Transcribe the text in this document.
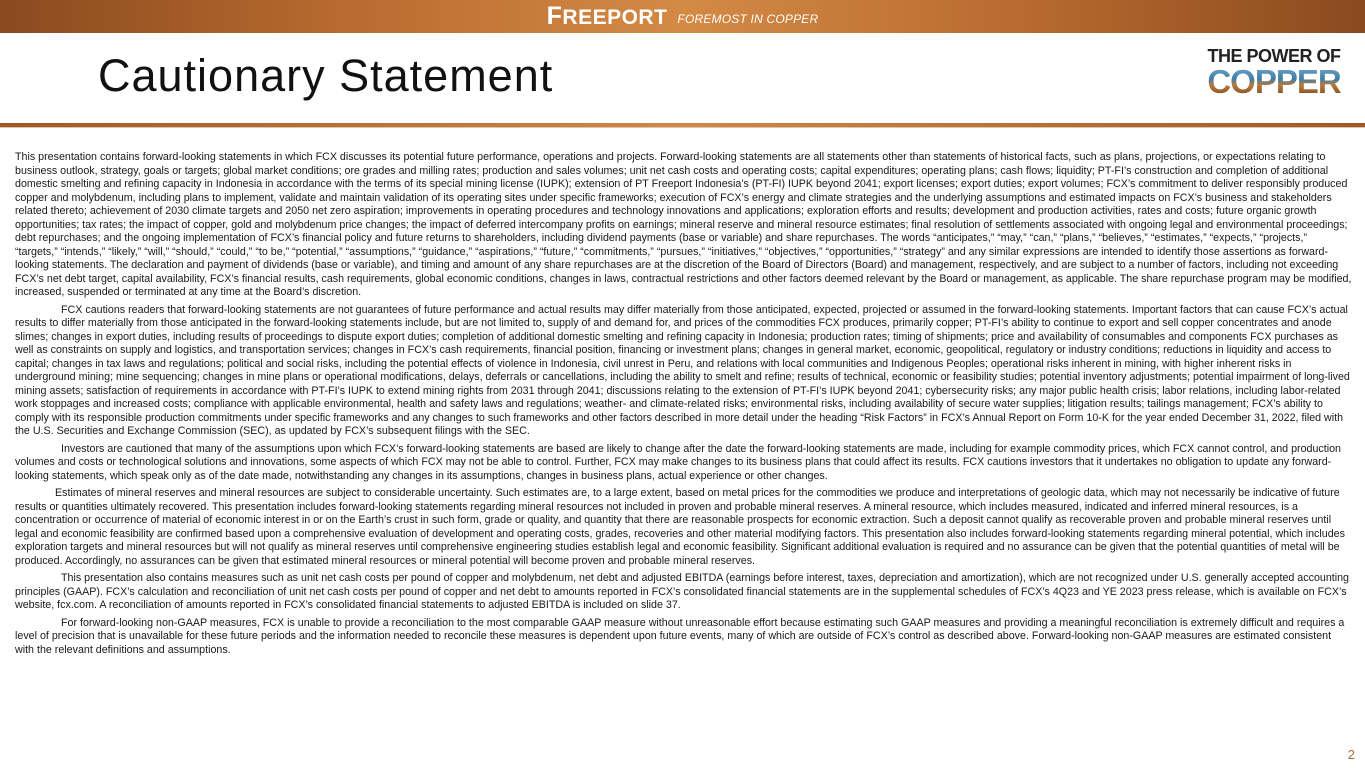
FREEPORT FOREMOST IN COPPER
Cautionary Statement	THE POWER OF
COPPER

This presentation contains forward-looking statements in which FCX discusses its potential future performance, operations and projects. Forward-looking statements are all statements other than statements of historical facts, such as plans, projections, or expectations relating to business outlook, strategy, goals or targets; global market conditions; ore grades and milling rates; production and sales volumes; unit net cash costs and operating costs; capital expenditures; operating plans; cash flows; liquidity; PT-FI’s construction and completion of additional domestic smelting and refining capacity in Indonesia in accordance with the terms of its special mining license (IUPK); extension of PT Freeport Indonesia’s (PT-FI) IUPK beyond 2041; export licenses; export duties; export volumes; FCX’s commitment to deliver responsibly produced copper and molybdenum, including plans to implement, validate and maintain validation of its operating sites under specific frameworks; execution of FCX’s energy and climate strategies and the underlying assumptions and estimated impacts on FCX’s business and stakeholders related thereto; achievement of 2030 climate targets and 2050 net zero aspiration; improvements in operating procedures and technology innovations and applications; exploration efforts and results; development and production activities, rates and costs; future organic growth opportunities; tax rates; the impact of copper, gold and molybdenum price changes; the impact of deferred intercompany profits on earnings; mineral reserve and mineral resource estimates; final resolution of settlements associated with ongoing legal and environmental proceedings; debt repurchases; and the ongoing implementation of FCX’s financial policy and future returns to shareholders, including dividend payments (base or variable) and share repurchases. The words “anticipates,” “may,” “can,” “plans,” “believes,” “estimates,” “expects,” “projects,” “targets,” “intends,” “likely,” “will,” “should,” “could,” “to be,” “potential,” “assumptions,” “guidance,” “aspirations,” “future,” “commitments,” “pursues,” “initiatives,” “objectives,” “opportunities,” “strategy” and any similar expressions are intended to identify those assertions as forward-looking statements. The declaration and payment of dividends (base or variable), and timing and amount of any share repurchases are at the discretion of the Board of Directors (Board) and management, respectively, and are subject to a number of factors, including not exceeding FCX’s net debt target, capital availability, FCX’s financial results, cash requirements, global economic conditions, changes in laws, contractual restrictions and other factors deemed relevant by the Board or management, as applicable. The share repurchase program may be modified, increased, suspended or terminated at any time at the Board’s discretion.

FCX cautions readers that forward-looking statements are not guarantees of future performance and actual results may differ materially from those anticipated, expected, projected or assumed in the forward-looking statements. Important factors that can cause FCX’s actual results to differ materially from those anticipated in the forward-looking statements include, but are not limited to, supply of and demand for, and prices of the commodities FCX produces, primarily copper; PT-FI’s ability to continue to export and sell copper concentrates and anode slimes; changes in export duties, including results of proceedings to dispute export duties; completion of additional domestic smelting and refining capacity in Indonesia; production rates; timing of shipments; price and availability of consumables and components FCX purchases as well as constraints on supply and logistics, and transportation services; changes in FCX’s cash requirements, financial position, financing or investment plans; changes in general market, economic, geopolitical, regulatory or industry conditions; reductions in liquidity and access to capital; changes in tax laws and regulations; political and social risks, including the potential effects of violence in Indonesia, civil unrest in Peru, and relations with local communities and Indigenous Peoples; operational risks inherent in mining, with higher inherent risks in underground mining; mine sequencing; changes in mine plans or operational modifications, delays, deferrals or cancellations, including the ability to smelt and refine; results of technical, economic or feasibility studies; potential inventory adjustments; potential impairment of long-lived mining assets; satisfaction of requirements in accordance with PT-FI’s IUPK to extend mining rights from 2031 through 2041; discussions relating to the extension of PT-FI’s IUPK beyond 2041; cybersecurity risks; any major public health crisis; labor relations, including labor-related work stoppages and increased costs; compliance with applicable environmental, health and safety laws and regulations; weather- and climate-related risks; environmental risks, including availability of secure water supplies; litigation results; tailings management; FCX’s ability to comply with its responsible production commitments under specific frameworks and any changes to such frameworks and other factors described in more detail under the heading “Risk Factors” in FCX’s Annual Report on Form 10-K for the year ended December 31, 2022, filed with the U.S. Securities and Exchange Commission (SEC), as updated by FCX’s subsequent filings with the SEC.

Investors are cautioned that many of the assumptions upon which FCX’s forward-looking statements are based are likely to change after the date the forward-looking statements are made, including for example commodity prices, which FCX cannot control, and production volumes and costs or technological solutions and innovations, some aspects of which FCX may not be able to control. Further, FCX may make changes to its business plans that could affect its results. FCX cautions investors that it undertakes no obligation to update any forward-looking statements, which speak only as of the date made, notwithstanding any changes in its assumptions, changes in business plans, actual experience or other changes.

Estimates of mineral reserves and mineral resources are subject to considerable uncertainty. Such estimates are, to a large extent, based on metal prices for the commodities we produce and interpretations of geologic data, which may not necessarily be indicative of future results or quantities ultimately recovered. This presentation includes forward-looking statements regarding mineral resources not included in proven and probable mineral reserves. A mineral resource, which includes measured, indicated and inferred mineral resources, is a concentration or occurrence of material of economic interest in or on the Earth’s crust in such form, grade or quality, and quantity that there are reasonable prospects for economic extraction. Such a deposit cannot qualify as recoverable proven and probable mineral reserves until legal and economic feasibility are confirmed based upon a comprehensive evaluation of development and operating costs, grades, recoveries and other material modifying factors. This presentation also includes forward-looking statements regarding mineral potential, which includes exploration targets and mineral resources but will not qualify as mineral reserves until comprehensive engineering studies establish legal and economic feasibility. Significant additional evaluation is required and no assurance can be given that the potential quantities of metal will be produced. Accordingly, no assurances can be given that estimated mineral resources or mineral potential will become proven and probable mineral reserves.

This presentation also contains measures such as unit net cash costs per pound of copper and molybdenum, net debt and adjusted EBITDA (earnings before interest, taxes, depreciation and amortization), which are not recognized under U.S. generally accepted accounting principles (GAAP). FCX’s calculation and reconciliation of unit net cash costs per pound of copper and net debt to amounts reported in FCX’s consolidated financial statements are in the supplemental schedules of FCX’s 4Q23 and YE 2023 press release, which is available on FCX’s website, fcx.com. A reconciliation of amounts reported in FCX’s consolidated financial statements to adjusted EBITDA is included on slide 37.

For forward-looking non-GAAP measures, FCX is unable to provide a reconciliation to the most comparable GAAP measure without unreasonable effort because estimating such GAAP measures and providing a meaningful reconciliation is extremely difficult and requires a level of precision that is unavailable for these future periods and the information needed to reconcile these measures is dependent upon future events, many of which are outside of FCX’s control as described above. Forward-looking non-GAAP measures are estimated consistent with the relevant definitions and assumptions.

2
